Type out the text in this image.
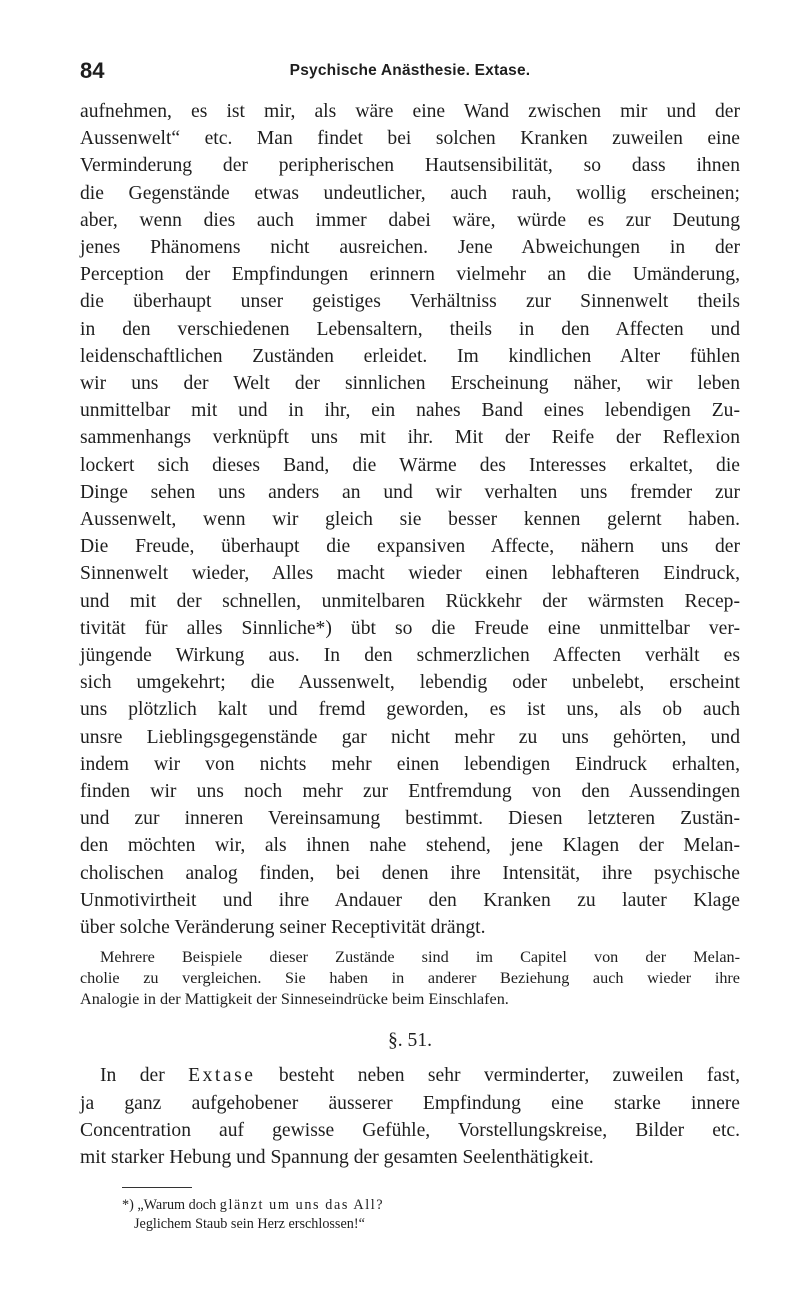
84	Psychische Anästhesie. Extase.
aufnehmen, es ist mir, als wäre eine Wand zwischen mir und der
Aussenwelt“ etc. Man findet bei solchen Kranken zuweilen eine
Verminderung der peripherischen Hautsensibilität, so dass ihnen
die Gegenstände etwas undeutlicher, auch rauh, wollig erscheinen;
aber, wenn dies auch immer dabei wäre, würde es zur Deutung
jenes Phänomens nicht ausreichen. Jene Abweichungen in der
Perception der Empfindungen erinnern vielmehr an die Umänderung,
die überhaupt unser geistiges Verhältniss zur Sinnenwelt theils
in den verschiedenen Lebensaltern, theils in den Affecten und
leidenschaftlichen Zuständen erleidet. Im kindlichen Alter fühlen
wir uns der Welt der sinnlichen Erscheinung näher, wir leben
unmittelbar mit und in ihr, ein nahes Band eines lebendigen Zu-
sammenhangs verknüpft uns mit ihr. Mit der Reife der Reflexion
lockert sich dieses Band, die Wärme des Interesses erkaltet, die
Dinge sehen uns anders an und wir verhalten uns fremder zur
Aussenwelt, wenn wir gleich sie besser kennen gelernt haben.
Die Freude, überhaupt die expansiven Affecte, nähern uns der
Sinnenwelt wieder, Alles macht wieder einen lebhafteren Eindruck,
und mit der schnellen, unmitelbaren Rückkehr der wärmsten Recep-
tivität für alles Sinnliche*) übt so die Freude eine unmittelbar ver-
jüngende Wirkung aus. In den schmerzlichen Affecten verhält es
sich umgekehrt; die Aussenwelt, lebendig oder unbelebt, erscheint
uns plötzlich kalt und fremd geworden, es ist uns, als ob auch
unsre Lieblingsgegenstände gar nicht mehr zu uns gehörten, und
indem wir von nichts mehr einen lebendigen Eindruck erhalten,
finden wir uns noch mehr zur Entfremdung von den Aussendingen
und zur inneren Vereinsamung bestimmt. Diesen letzteren Zustän-
den möchten wir, als ihnen nahe stehend, jene Klagen der Melan-
cholischen analog finden, bei denen ihre Intensität, ihre psychische
Unmotivirtheit und ihre Andauer den Kranken zu lauter Klage
über solche Veränderung seiner Receptivität drängt.
Mehrere Beispiele dieser Zustände sind im Capitel von der Melan-
cholie zu vergleichen. Sie haben in anderer Beziehung auch wieder ihre
Analogie in der Mattigkeit der Sinneseindrücke beim Einschlafen.
§. 51.
In der Extase besteht neben sehr verminderter, zuweilen fast,
ja ganz aufgehobener äusserer Empfindung eine starke innere
Concentration auf gewisse Gefühle, Vorstellungskreise, Bilder etc.
mit starker Hebung und Spannung der gesamten Seelenthätigkeit.
*) „Warum doch glänzt um uns das All?
Jeglichem Staub sein Herz erschlossen!“
